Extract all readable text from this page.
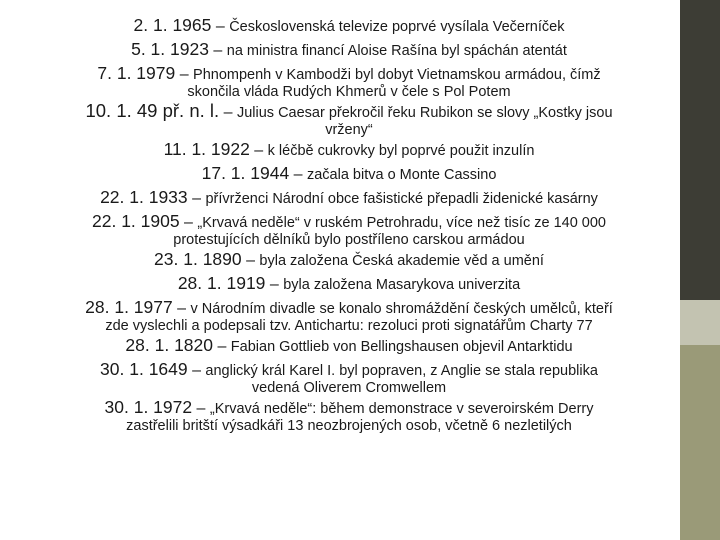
2. 1. 1965 – Československá televize poprvé vysílala Večerníček

5. 1. 1923 – na ministra financí Aloise Rašína byl spáchán atentát

7. 1. 1979 – Phnompenh v Kambodži byl dobyt Vietnamskou armádou, čímž
skončila vláda Rudých Khmerů v čele s Pol Potem

10. 1. 49 př. n. l. – Julius Caesar překročil řeku Rubikon se slovy „Kostky jsou
vrženy“

11. 1. 1922 – k léčbě cukrovky byl poprvé použit inzulín

17. 1. 1944 – začala bitva o Monte Cassino

22. 1. 1933 – přívrženci Národní obce fašistické přepadli židenické kasárny

22. 1. 1905 – „Krvavá neděle“ v ruském Petrohradu, více než tisíc ze 140 000
protestujících dělníků bylo postříleno carskou armádou

23. 1. 1890 – byla založena Česká akademie věd a umění

28. 1. 1919 – byla založena Masarykova univerzita

28. 1. 1977 – v Národním divadle se konalo shromáždění českých umělců, kteří
zde vyslechli a podepsali tzv. Antichartu: rezoluci proti signatářům Charty 77

28. 1. 1820 – Fabian Gottlieb von Bellingshausen objevil Antarktidu

30. 1. 1649 – anglický král Karel I. byl popraven, z Anglie se stala republika
vedená Oliverem Cromwellem

30. 1. 1972 – „Krvavá neděle“: během demonstrace v severoirském Derry
zastřelili britští výsadkáři 13 neozbrojených osob, včetně 6 nezletilých
